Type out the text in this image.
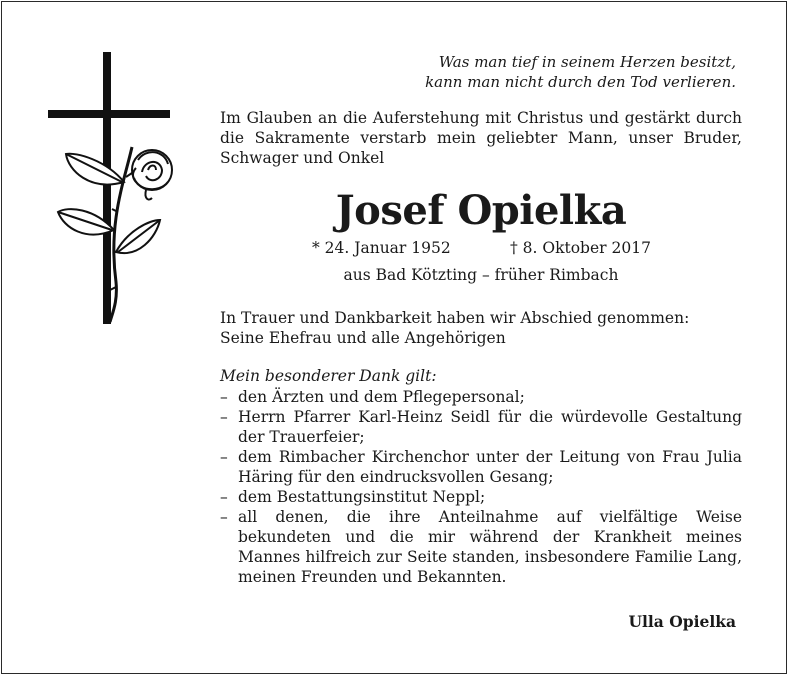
Was man tief in seinem Herzen besitzt,
kann man nicht durch den Tod verlieren.
Im Glauben an die Auferstehung mit Christus und gestärkt durch die Sakramente verstarb mein geliebter Mann, unser Bruder, Schwager und Onkel
Josef Opielka
* 24. Januar 1952	† 8. Oktober 2017
aus Bad Kötzting – früher Rimbach
In Trauer und Dankbarkeit haben wir Abschied genommen:
Seine Ehefrau und alle Angehörigen
Mein besonderer Dank gilt:
– den Ärzten und dem Pflegepersonal;
– Herrn Pfarrer Karl-Heinz Seidl für die würdevolle Gestaltung der Trauerfeier;
– dem Rimbacher Kirchenchor unter der Leitung von Frau Julia Häring für den eindrucksvollen Gesang;
– dem Bestattungsinstitut Neppl;
– all denen, die ihre Anteilnahme auf vielfältige Weise bekundeten und die mir während der Krankheit meines Mannes hilfreich zur Seite standen, insbesondere Familie Lang, meinen Freunden und Bekannten.
Ulla Opielka
